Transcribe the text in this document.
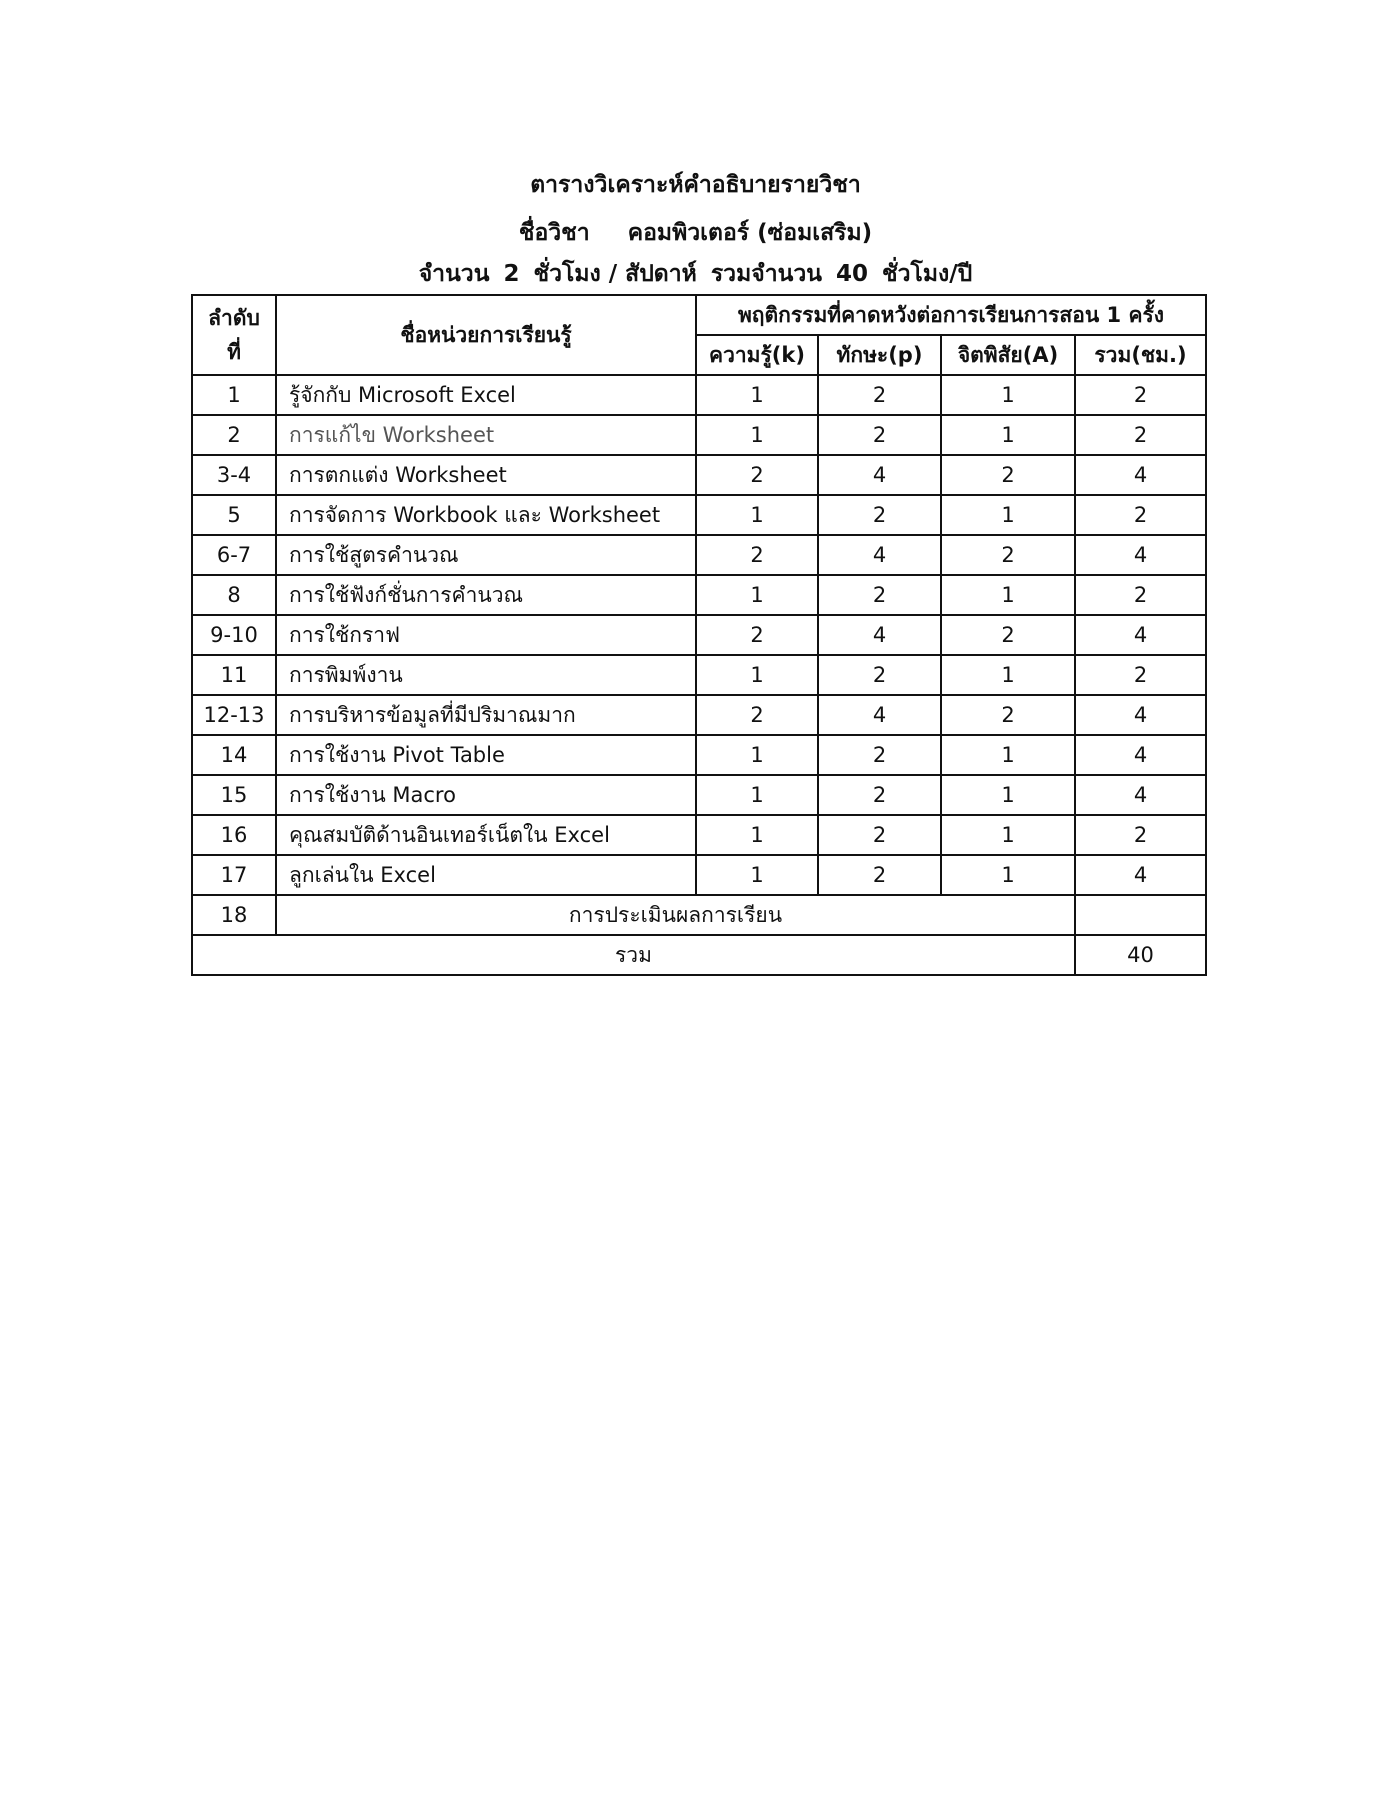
ตารางวิเคราะห์คำอธิบายรายวิชา
ชื่อวิชา คอมพิวเตอร์ (ซ่อมเสริม)
จำนวน 2 ชั่วโมง / สัปดาห์ รวมจำนวน 40 ชั่วโมง/ปี
ลำดับ
ที่	ชื่อหน่วยการเรียนรู้	พฤติกรรมที่คาดหวังต่อการเรียนการสอน 1 ครั้ง			
		ความรู้(k)	ทักษะ(p)	จิตพิสัย(A)	รวม(ชม.)
1	รู้จักกับ Microsoft Excel	1	2	1	2
2	การแก้ไข Worksheet	1	2	1	2
3-4	การตกแต่ง Worksheet	2	4	2	4
5	การจัดการ Workbook และ Worksheet	1	2	1	2
6-7	การใช้สูตรคำนวณ	2	4	2	4
8	การใช้ฟังก์ชั่นการคำนวณ	1	2	1	2
9-10	การใช้กราฟ	2	4	2	4
11	การพิมพ์งาน	1	2	1	2
12-13	การบริหารข้อมูลที่มีปริมาณมาก	2	4	2	4
14	การใช้งาน Pivot Table	1	2	1	4
15	การใช้งาน Macro	1	2	1	4
16	คุณสมบัติด้านอินเทอร์เน็ตใน Excel	1	2	1	2
17	ลูกเล่นใน Excel	1	2	1	4
18	การประเมินผลการเรียน				
รวม					40
